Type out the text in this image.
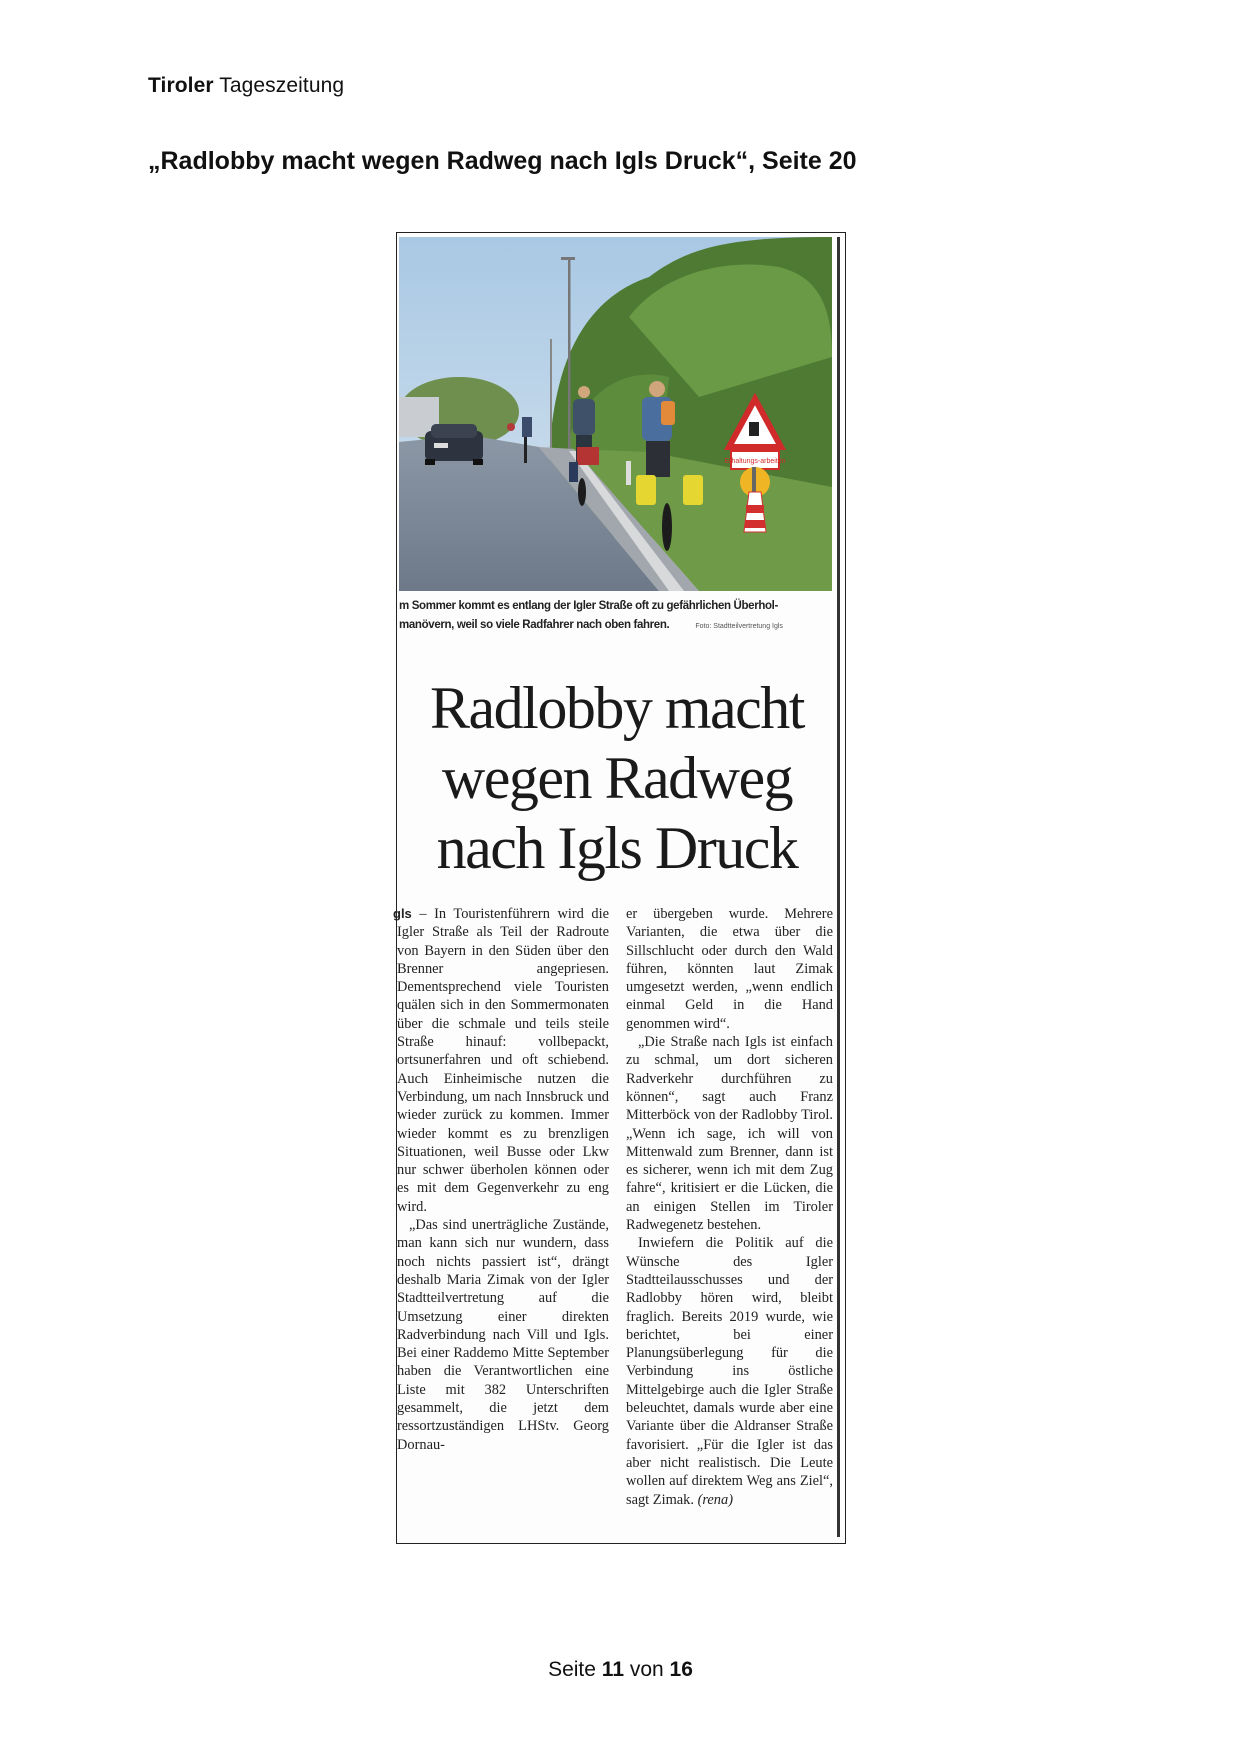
Tiroler Tageszeitung
„Radlobby macht wegen Radweg nach Igls Druck“, Seite 20
Erhaltungs-arbeiten
m Sommer kommt es entlang der Igler Straße oft zu gefährlichen Überhol-
manövern, weil so viele Radfahrer nach oben fahren.	Foto: Stadtteilvertretung Igls
Radlobby macht
wegen Radweg
nach Igls Druck

gls – In Touristenführern wird die Igler Straße als Teil der Radroute von Bayern in den Süden über den Brenner angepriesen. Dementsprechend viele Touristen quälen sich in den Sommermonaten über die schmale und teils steile Straße hinauf: vollbepackt, ortsunerfahren und oft schiebend. Auch Einheimische nutzen die Verbindung, um nach Innsbruck und wieder zurück zu kommen. Immer wieder kommt es zu brenzligen Situationen, weil Busse oder Lkw nur schwer überholen können oder es mit dem Gegenverkehr zu eng wird.

„Das sind unerträgliche Zustände, man kann sich nur wundern, dass noch nichts passiert ist“, drängt deshalb Maria Zimak von der Igler Stadtteilvertretung auf die Umsetzung einer direkten Radverbindung nach Vill und Igls. Bei einer Raddemo Mitte September haben die Verantwortlichen eine Liste mit 382 Unterschriften gesammelt, die jetzt dem ressortzuständigen LHStv. Georg Dornau-

er übergeben wurde. Mehrere Varianten, die etwa über die Sillschlucht oder durch den Wald führen, könnten laut Zimak umgesetzt werden, „wenn endlich einmal Geld in die Hand genommen wird“.

„Die Straße nach Igls ist einfach zu schmal, um dort sicheren Radverkehr durchführen zu können“, sagt auch Franz Mitterböck von der Radlobby Tirol. „Wenn ich sage, ich will von Mittenwald zum Brenner, dann ist es sicherer, wenn ich mit dem Zug fahre“, kritisiert er die Lücken, die an einigen Stellen im Tiroler Radwegenetz bestehen.

Inwiefern die Politik auf die Wünsche des Igler Stadtteilausschusses und der Radlobby hören wird, bleibt fraglich. Bereits 2019 wurde, wie berichtet, bei einer Planungsüberlegung für die Verbindung ins östliche Mittelgebirge auch die Igler Straße beleuchtet, damals wurde aber eine Variante über die Aldranser Straße favorisiert. „Für die Igler ist das aber nicht realistisch. Die Leute wollen auf direktem Weg ans Ziel“, sagt Zimak. (rena)

Seite 11 von 16
